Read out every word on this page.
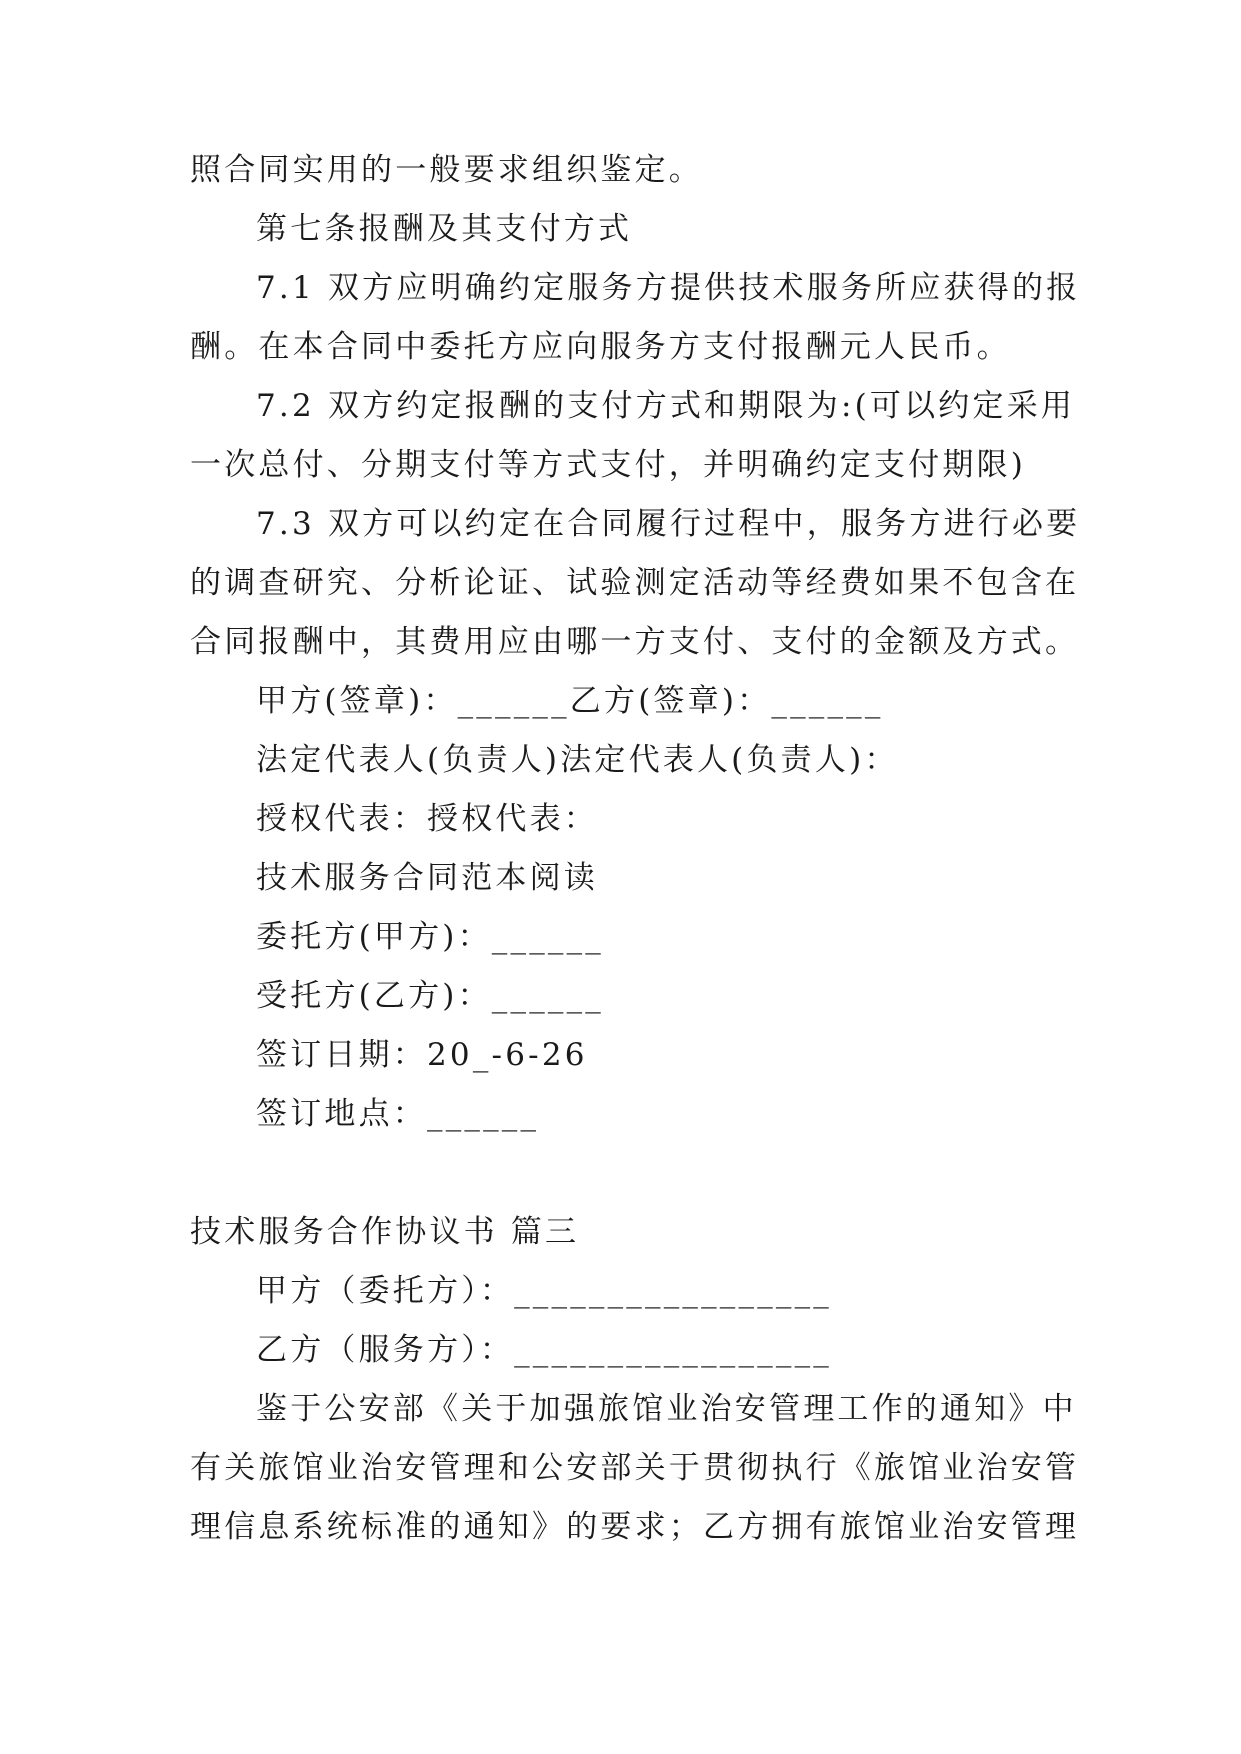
照合同实用的一般要求组织鉴定。
第七条报酬及其支付方式
7.1 双方应明确约定服务方提供技术服务所应获得的报
酬。在本合同中委托方应向服务方支付报酬元人民币。
7.2 双方约定报酬的支付方式和期限为:(可以约定采用
一次总付、分期支付等方式支付，并明确约定支付期限)
7.3 双方可以约定在合同履行过程中，服务方进行必要
的调查研究、分析论证、试验测定活动等经费如果不包含在
合同报酬中，其费用应由哪一方支付、支付的金额及方式。
甲方(签章)：______乙方(签章)：______
法定代表人(负责人)法定代表人(负责人)：
授权代表：授权代表：
技术服务合同范本阅读
委托方(甲方)：______
受托方(乙方)：______
签订日期：20_-6-26
签订地点：______
技术服务合作协议书 篇三
甲方（委托方）：_________________
乙方（服务方）：_________________
鉴于公安部《关于加强旅馆业治安管理工作的通知》中
有关旅馆业治安管理和公安部关于贯彻执行《旅馆业治安管
理信息系统标准的通知》的要求；乙方拥有旅馆业治安管理
